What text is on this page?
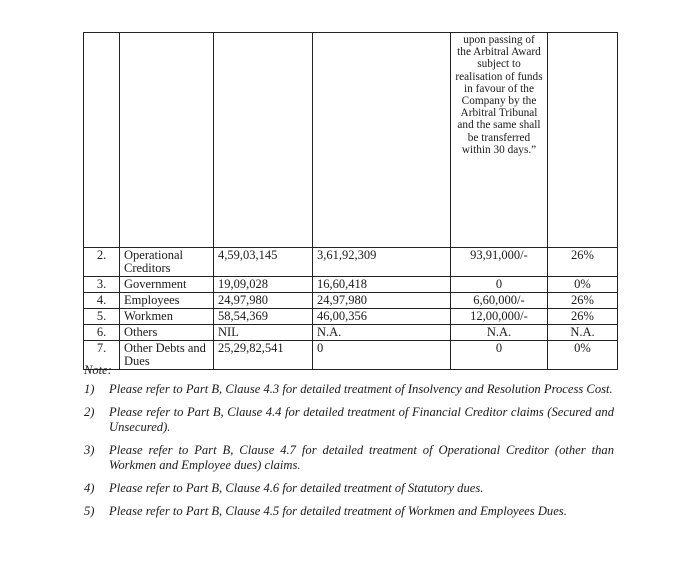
				upon passing of the Arbitral Award subject to realisation of funds in favour of the Company by the Arbitral Tribunal and the same shall be transferred within 30 days.”	
2.	Operational Creditors	4,59,03,145	3,61,92,309	93,91,000/-	26%
3.	Government	19,09,028	16,60,418	0	0%
4.	Employees	24,97,980	24,97,980	6,60,000/-	26%
5.	Workmen	58,54,369	46,00,356	12,00,000/-	26%
6.	Others	NIL	N.A.	N.A.	N.A.
7.	Other Debts and Dues	25,29,82,541	0	0	0%

Note:

1)	Please refer to Part B, Clause 4.3 for detailed treatment of Insolvency and Resolution Process Cost.
2)	Please refer to Part B, Clause 4.4 for detailed treatment of Financial Creditor claims (Secured and Unsecured).
3)	Please refer to Part B, Clause 4.7 for detailed treatment of Operational Creditor (other than Workmen and Employee dues) claims.
4)	Please refer to Part B, Clause 4.6 for detailed treatment of Statutory dues.
5)	Please refer to Part B, Clause 4.5 for detailed treatment of Workmen and Employees Dues.
